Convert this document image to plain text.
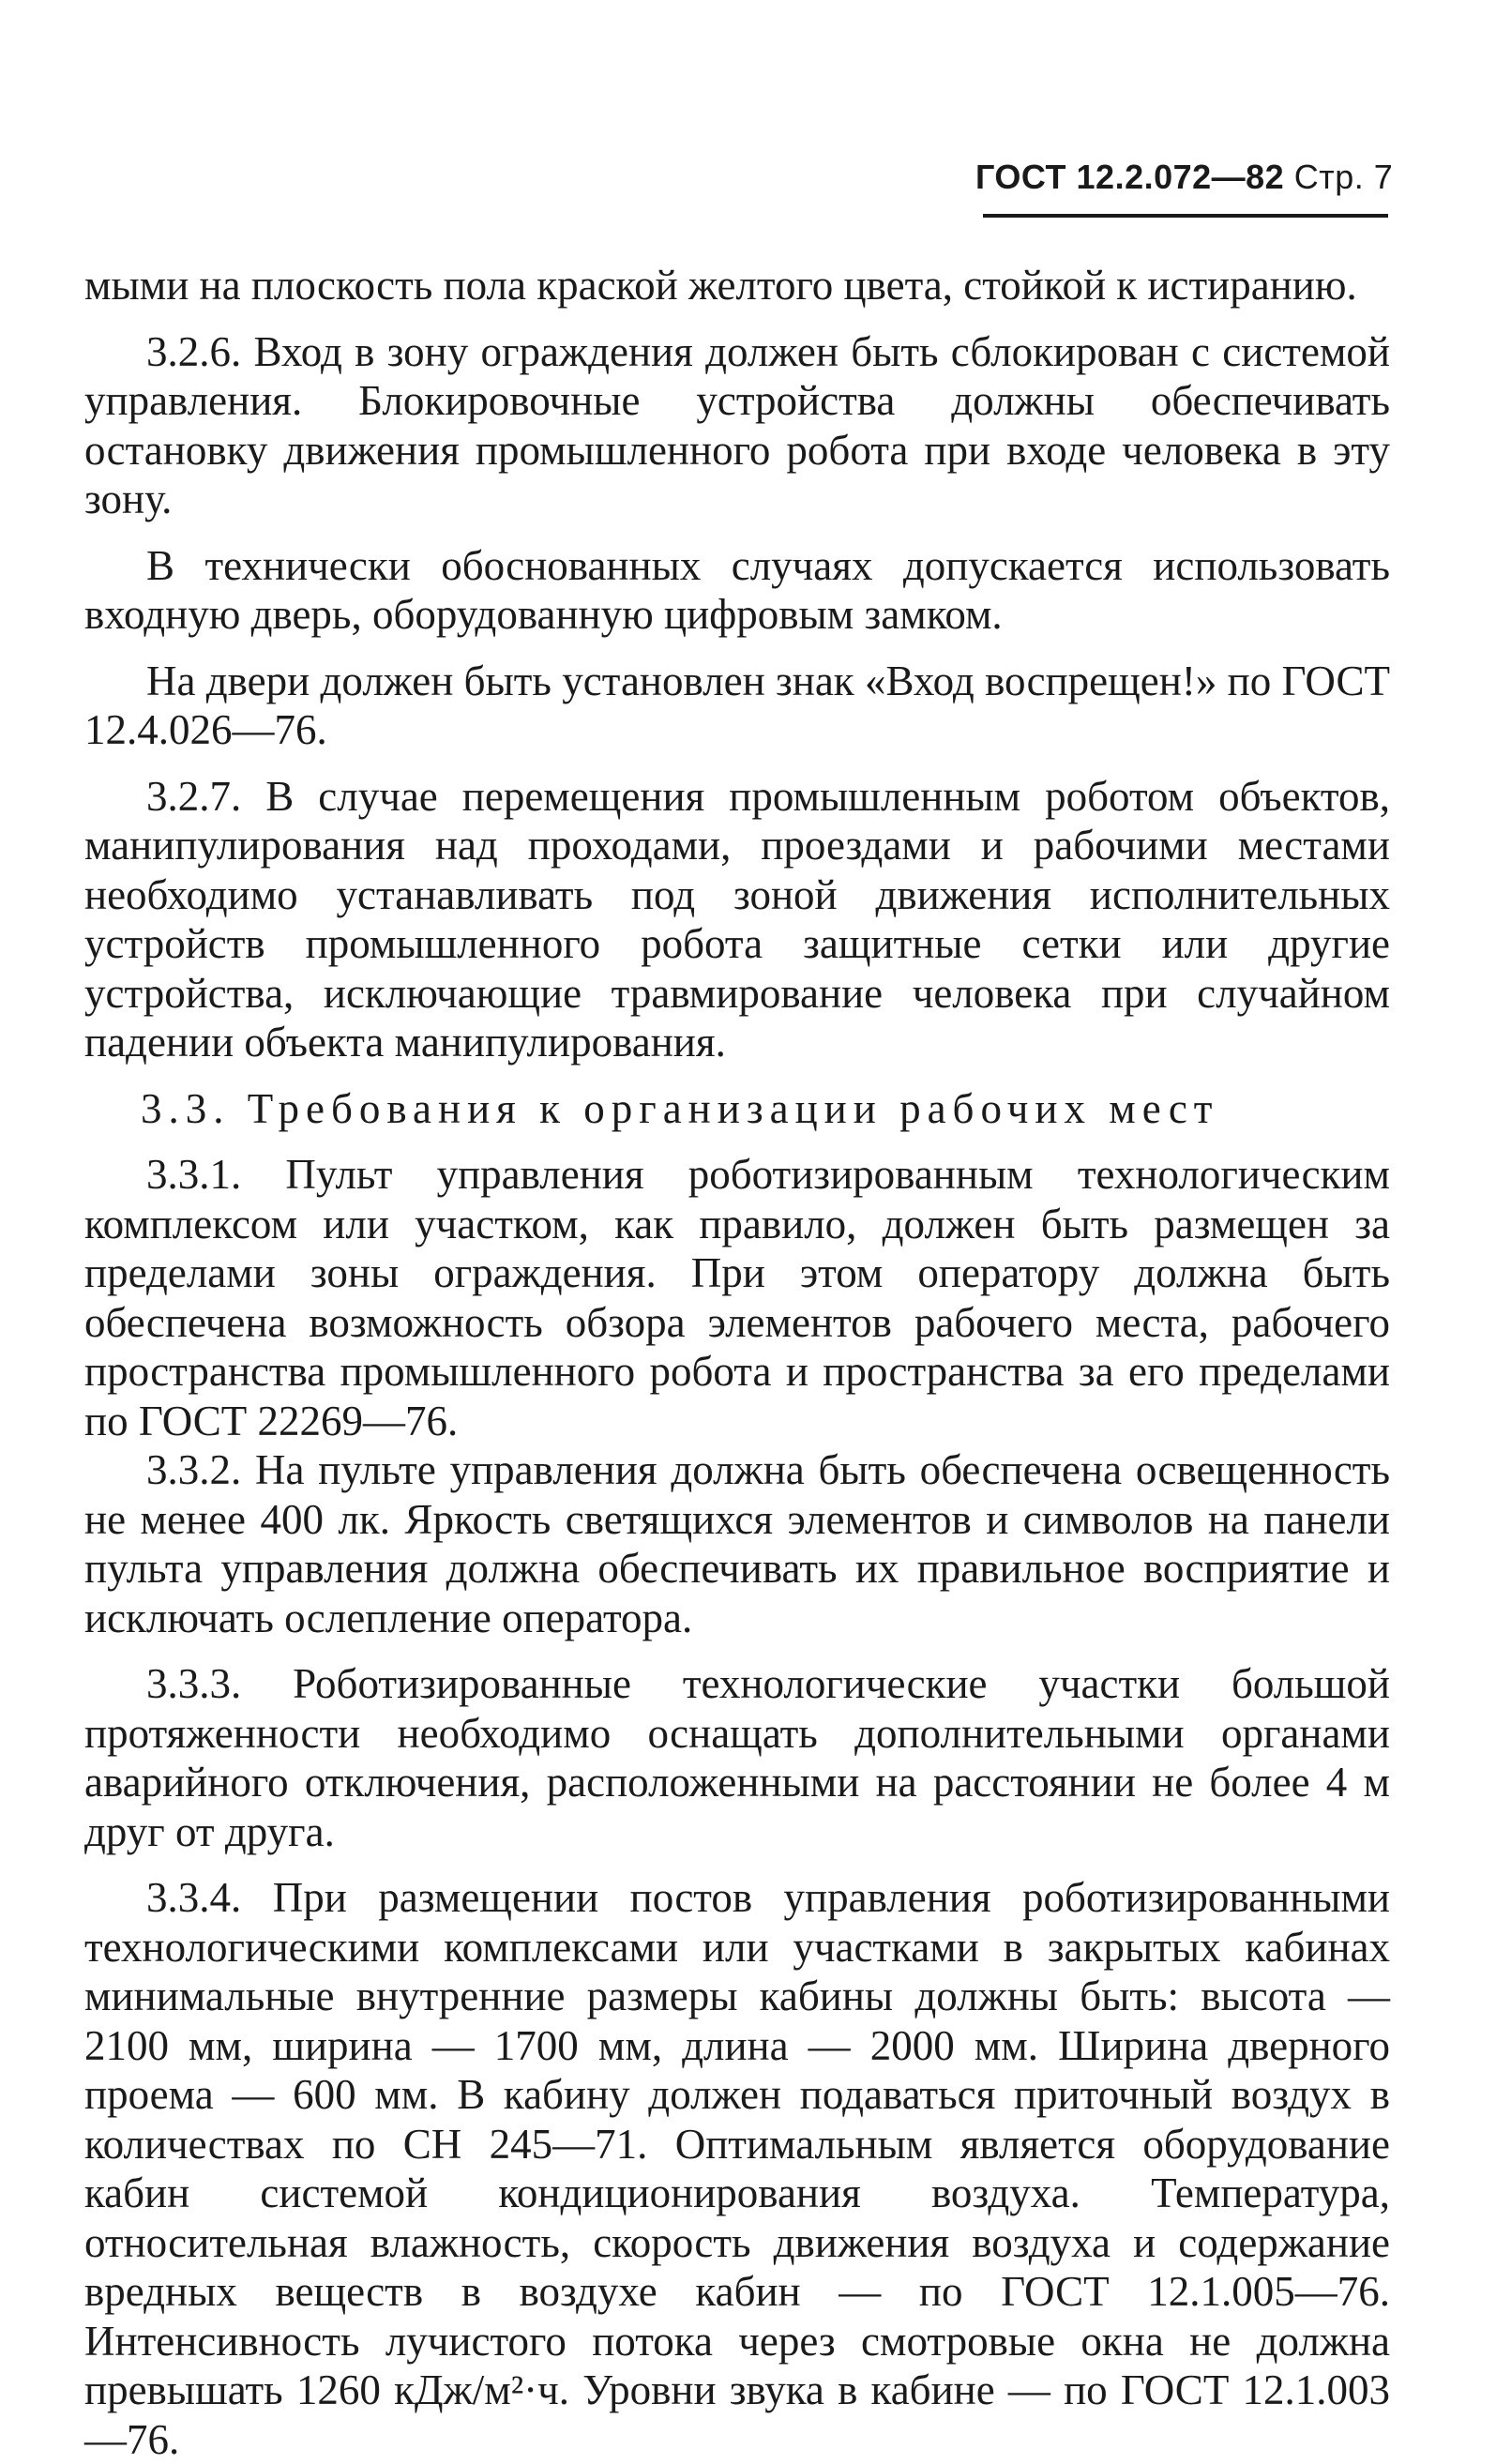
ГОСТ 12.2.072—82 Стр. 7

мыми на плоскость пола краской желтого цвета, стойкой к истиранию.

3.2.6. Вход в зону ограждения должен быть сблокирован с системой управления. Блокировочные устройства должны обеспечивать остановку движения промышленного робота при входе человека в эту зону.

В технически обоснованных случаях допускается использовать входную дверь, оборудованную цифровым замком.

На двери должен быть установлен знак «Вход воспрещен!» по ГОСТ 12.4.026—76.

3.2.7. В случае перемещения промышленным роботом объектов, манипулирования над проходами, проездами и рабочими местами необходимо устанавливать под зоной движения исполнительных устройств промышленного робота защитные сетки или другие устройства, исключающие травмирование человека при случайном падении объекта манипулирования.

3.3. Требования к организации рабочих мест

3.3.1. Пульт управления роботизированным технологическим комплексом или участком, как правило, должен быть размещен за пределами зоны ограждения. При этом оператору должна быть обеспечена возможность обзора элементов рабочего места, рабочего пространства промышленного робота и пространства за его пределами по ГОСТ 22269—76.

3.3.2. На пульте управления должна быть обеспечена освещенность не менее 400 лк. Яркость светящихся элементов и символов на панели пульта управления должна обеспечивать их правильное восприятие и исключать ослепление оператора.

3.3.3. Роботизированные технологические участки большой протяженности необходимо оснащать дополнительными органами аварийного отключения, расположенными на расстоянии не более 4 м друг от друга.

3.3.4. При размещении постов управления роботизированными технологическими комплексами или участками в закрытых кабинах минимальные внутренние размеры кабины должны быть: высота — 2100 мм, ширина — 1700 мм, длина — 2000 мм. Ширина дверного проема — 600 мм. В кабину должен подаваться приточный воздух в количествах по СН 245—71. Оптимальным является оборудование кабин системой кондиционирования воздуха. Температура, относительная влажность, скорость движения воздуха и содержание вредных веществ в воздухе кабин — по ГОСТ 12.1.005—76. Интенсивность лучистого потока через смотровые окна не должна превышать 1260 кДж/м²·ч. Уровни звука в кабине — по ГОСТ 12.1.003—76.
